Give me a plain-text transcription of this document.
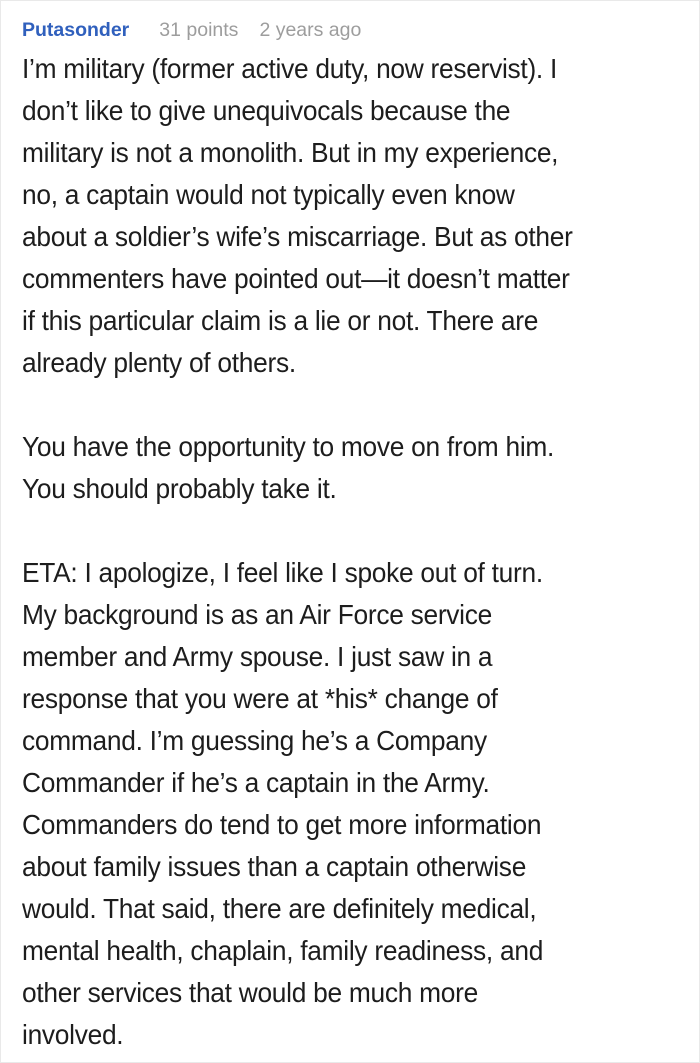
Putasonder 31 points 2 years ago
I’m military (former active duty, now reservist). I
don’t like to give unequivocals because the
military is not a monolith. But in my experience,
no, a captain would not typically even know
about a soldier’s wife’s miscarriage. But as other
commenters have pointed out—it doesn’t matter
if this particular claim is a lie or not. There are
already plenty of others.
You have the opportunity to move on from him.
You should probably take it.
ETA: I apologize, I feel like I spoke out of turn.
My background is as an Air Force service
member and Army spouse. I just saw in a
response that you were at *his* change of
command. I’m guessing he’s a Company
Commander if he’s a captain in the Army.
Commanders do tend to get more information
about family issues than a captain otherwise
would. That said, there are definitely medical,
mental health, chaplain, family readiness, and
other services that would be much more
involved.
